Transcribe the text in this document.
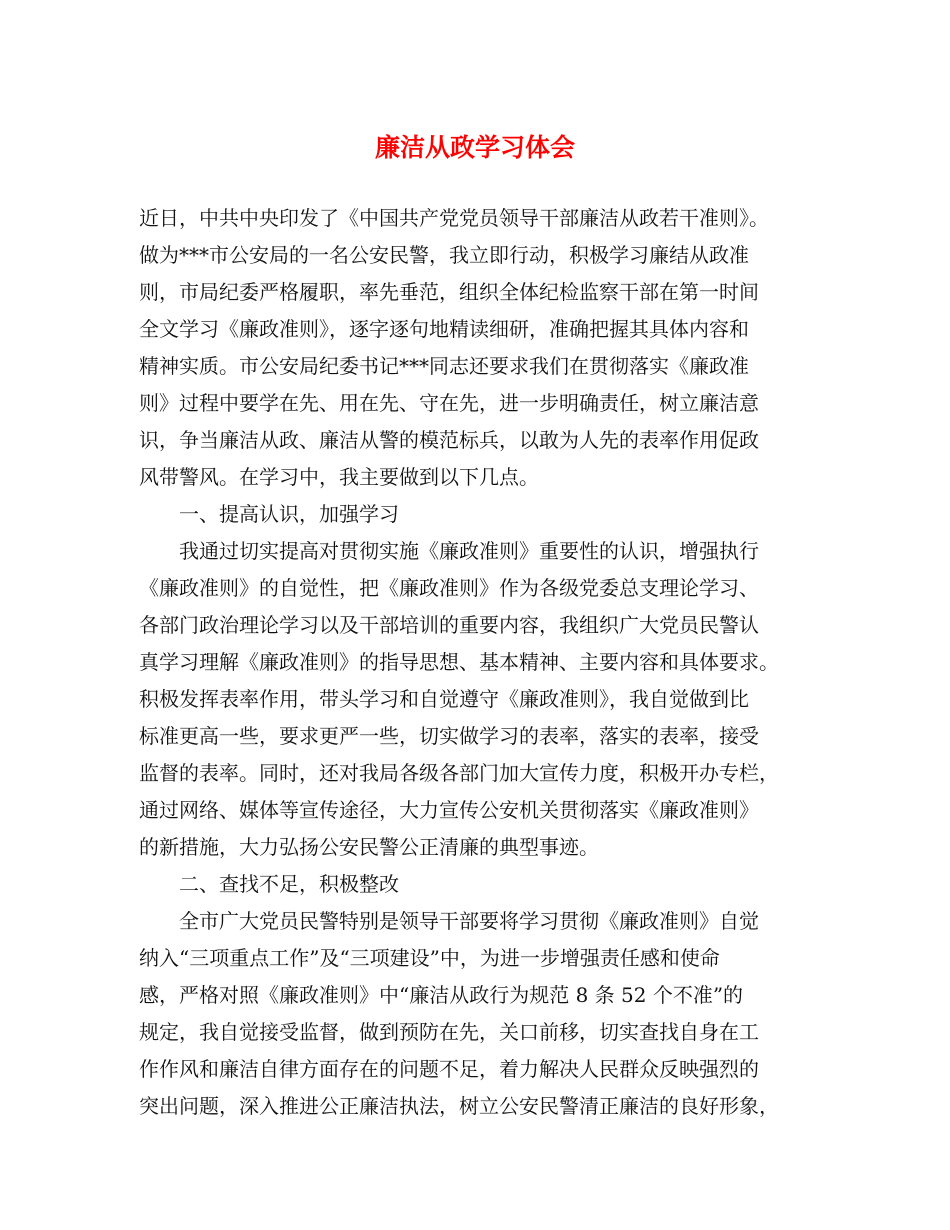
廉洁从政学习体会
近日，中共中央印发了《中国共产党党员领导干部廉洁从政若干准则》。
做为***市公安局的一名公安民警，我立即行动，积极学习廉结从政准
则，市局纪委严格履职，率先垂范，组织全体纪检监察干部在第一时间
全文学习《廉政准则》，逐字逐句地精读细研，准确把握其具体内容和
精神实质。市公安局纪委书记***同志还要求我们在贯彻落实《廉政准
则》过程中要学在先、用在先、守在先，进一步明确责任，树立廉洁意
识，争当廉洁从政、廉洁从警的模范标兵，以敢为人先的表率作用促政
风带警风。在学习中，我主要做到以下几点。
　　一、提高认识，加强学习
　　我通过切实提高对贯彻实施《廉政准则》重要性的认识，增强执行
《廉政准则》的自觉性，把《廉政准则》作为各级党委总支理论学习、
各部门政治理论学习以及干部培训的重要内容，我组织广大党员民警认
真学习理解《廉政准则》的指导思想、基本精神、主要内容和具体要求。
积极发挥表率作用，带头学习和自觉遵守《廉政准则》，我自觉做到比
标准更高一些，要求更严一些，切实做学习的表率，落实的表率，接受
监督的表率。同时，还对我局各级各部门加大宣传力度，积极开办专栏，
通过网络、媒体等宣传途径，大力宣传公安机关贯彻落实《廉政准则》
的新措施，大力弘扬公安民警公正清廉的典型事迹。
　　二、查找不足，积极整改
　　全市广大党员民警特别是领导干部要将学习贯彻《廉政准则》自觉
纳入“三项重点工作”及“三项建设”中，为进一步增强责任感和使命
感，严格对照《廉政准则》中“廉洁从政行为规范 8 条 52 个不准”的
规定，我自觉接受监督，做到预防在先，关口前移，切实查找自身在工
作作风和廉洁自律方面存在的问题不足，着力解决人民群众反映强烈的
突出问题，深入推进公正廉洁执法，树立公安民警清正廉洁的良好形象，
